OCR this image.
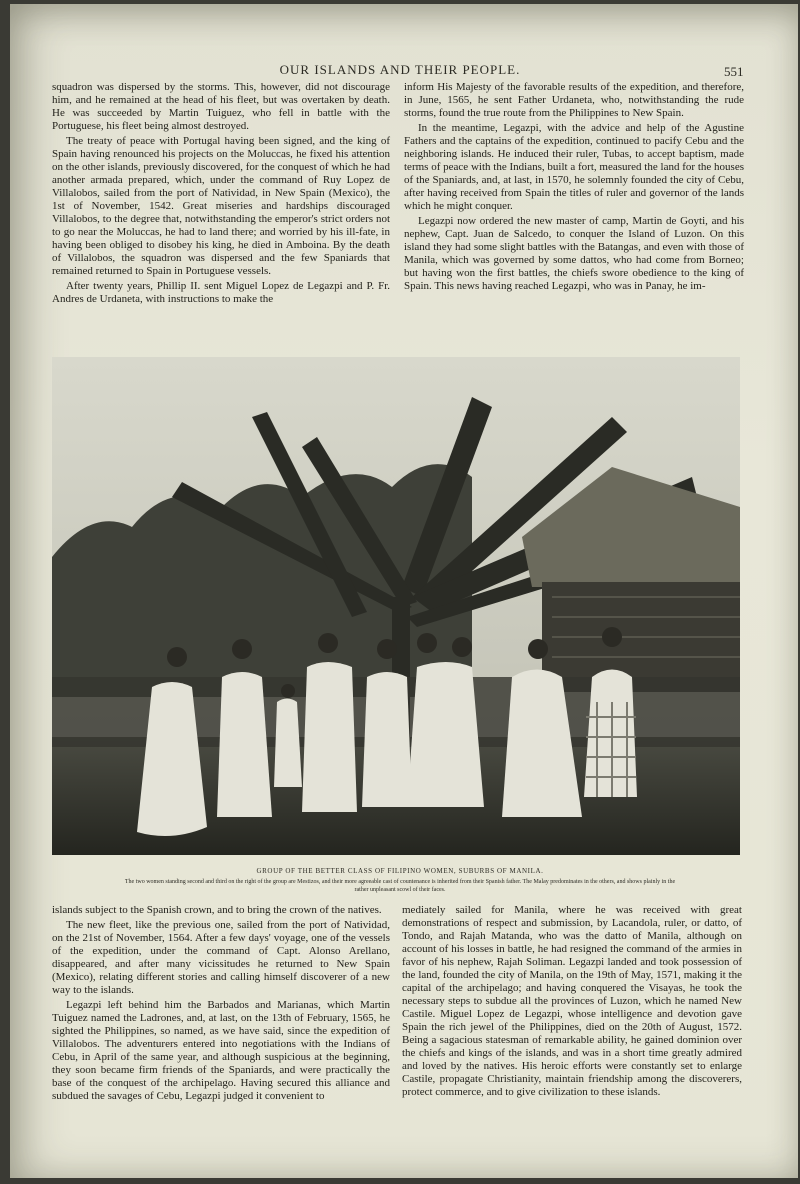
OUR ISLANDS AND THEIR PEOPLE.	551

squadron was dispersed by the storms. This, however, did not discourage him, and he remained at the head of his fleet, but was overtaken by death. He was succeeded by Martin Tuiguez, who fell in battle with the Portuguese, his fleet being almost destroyed.

The treaty of peace with Portugal having been signed, and the king of Spain having renounced his projects on the Moluccas, he fixed his attention on the other islands, previously discovered, for the conquest of which he had another armada prepared, which, under the command of Ruy Lopez de Villalobos, sailed from the port of Natividad, in New Spain (Mexico), the 1st of November, 1542. Great miseries and hardships discouraged Villalobos, to the degree that, notwithstanding the emperor's strict orders not to go near the Moluccas, he had to land there; and worried by his ill-fate, in having been obliged to disobey his king, he died in Amboina. By the death of Villalobos, the squadron was dispersed and the few Spaniards that remained returned to Spain in Portuguese vessels.

After twenty years, Phillip II. sent Miguel Lopez de Legazpi and P. Fr. Andres de Urdaneta, with instructions to make the

inform His Majesty of the favorable results of the expedition, and therefore, in June, 1565, he sent Father Urdaneta, who, notwithstanding the rude storms, found the true route from the Philippines to New Spain.

In the meantime, Legazpi, with the advice and help of the Agustine Fathers and the captains of the expedition, continued to pacify Cebu and the neighboring islands. He induced their ruler, Tubas, to accept baptism, made terms of peace with the Indians, built a fort, measured the land for the houses of the Spaniards, and, at last, in 1570, he solemnly founded the city of Cebu, after having received from Spain the titles of ruler and governor of the lands which he might conquer.

Legazpi now ordered the new master of camp, Martin de Goyti, and his nephew, Capt. Juan de Salcedo, to conquer the Island of Luzon. On this island they had some slight battles with the Batangas, and even with those of Manila, which was governed by some dattos, who had come from Borneo; but having won the first battles, the chiefs swore obedience to the king of Spain. This news having reached Legazpi, who was in Panay, he im-

GROUP OF THE BETTER CLASS OF FILIPINO WOMEN, SUBURBS OF MANILA.
The two women standing second and third on the right of the group are Mestizos, and their more agreeable cast of countenance is inherited from their Spanish father. The Malay predominates in the others, and shows plainly in the rather unpleasant scowl of their faces.

islands subject to the Spanish crown, and to bring the crown of the natives.

The new fleet, like the previous one, sailed from the port of Natividad, on the 21st of November, 1564. After a few days' voyage, one of the vessels of the expedition, under the command of Capt. Alonso Arellano, disappeared, and after many vicissitudes he returned to New Spain (Mexico), relating different stories and calling himself discoverer of a new way to the islands.

Legazpi left behind him the Barbados and Marianas, which Martin Tuiguez named the Ladrones, and, at last, on the 13th of February, 1565, he sighted the Philippines, so named, as we have said, since the expedition of Villalobos. The adventurers entered into negotiations with the Indians of Cebu, in April of the same year, and although suspicious at the beginning, they soon became firm friends of the Spaniards, and were practically the base of the conquest of the archipelago. Having secured this alliance and subdued the savages of Cebu, Legazpi judged it convenient to

mediately sailed for Manila, where he was received with great demonstrations of respect and submission, by Lacandola, ruler, or datto, of Tondo, and Rajah Matanda, who was the datto of Manila, although on account of his losses in battle, he had resigned the command of the armies in favor of his nephew, Rajah Soliman. Legazpi landed and took possession of the land, founded the city of Manila, on the 19th of May, 1571, making it the capital of the archipelago; and having conquered the Visayas, he took the necessary steps to subdue all the provinces of Luzon, which he named New Castile. Miguel Lopez de Legazpi, whose intelligence and devotion gave Spain the rich jewel of the Philippines, died on the 20th of August, 1572. Being a sagacious statesman of remarkable ability, he gained dominion over the chiefs and kings of the islands, and was in a short time greatly admired and loved by the natives. His heroic efforts were constantly set to enlarge Castile, propagate Christianity, maintain friendship among the discoverers, protect commerce, and to give civilization to these islands.
